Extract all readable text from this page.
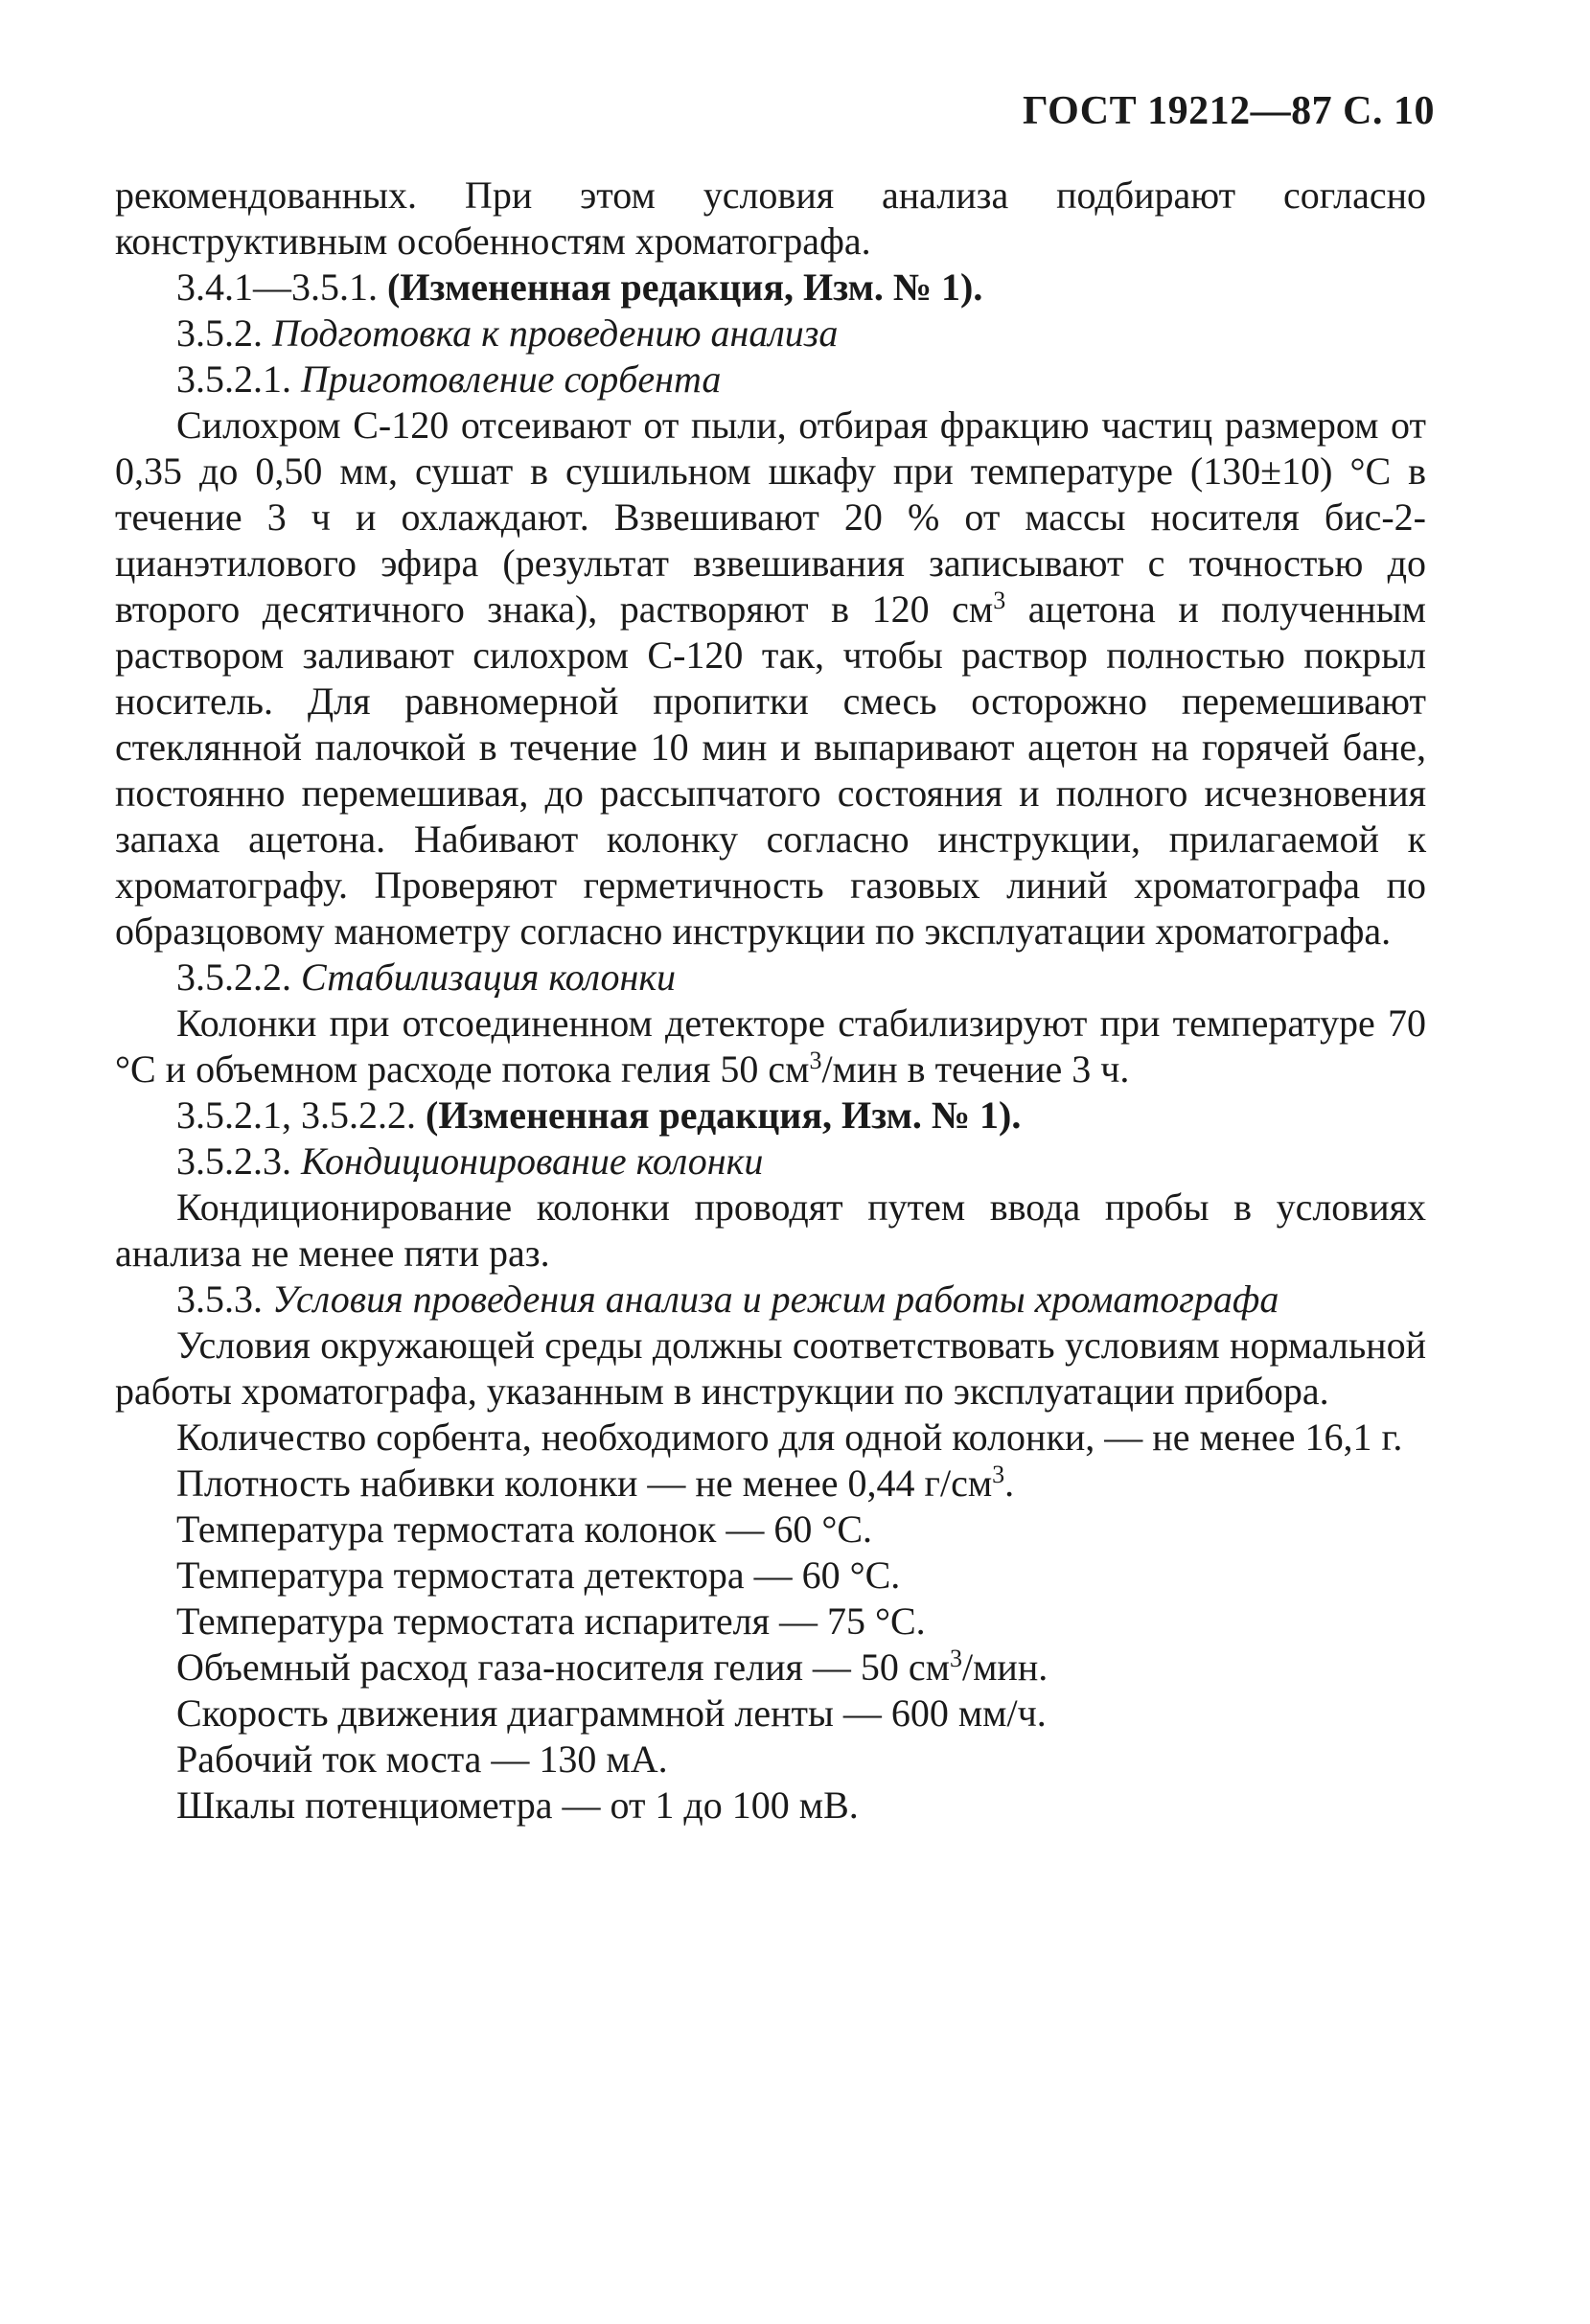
ГОСТ 19212—87 С. 10

рекомендованных. При этом условия анализа подбирают согласно конструктивным особенностям хроматографа.

3.4.1—3.5.1. (Измененная редакция, Изм. № 1).

3.5.2. Подготовка к проведению анализа

3.5.2.1. Приготовление сорбента

Силохром С-120 отсеивают от пыли, отбирая фракцию частиц размером от 0,35 до 0,50 мм, сушат в сушильном шкафу при температуре (130±10) °С в течение 3 ч и охлаждают. Взвешивают 20 % от массы носителя бис-2-цианэтилового эфира (результат взвешивания записывают с точностью до второго десятичного знака), растворяют в 120 $см^3$ ацетона и полученным раствором заливают силохром С-120 так, чтобы раствор полностью покрыл носитель. Для равномерной пропитки смесь осторожно перемешивают стеклянной палочкой в течение 10 мин и выпаривают ацетон на горячей бане, постоянно перемешивая, до рассыпчатого состояния и полного исчезновения запаха ацетона. Набивают колонку согласно инструкции, прилагаемой к хроматографу. Проверяют герметичность газовых линий хроматографа по образцовому манометру согласно инструкции по эксплуатации хроматографа.

3.5.2.2. Стабилизация колонки

Колонки при отсоединенном детекторе стабилизируют при температуре 70 °С и объемном расходе потока гелия 50 $см^3$/мин в течение 3 ч.

3.5.2.1, 3.5.2.2. (Измененная редакция, Изм. № 1).

3.5.2.3. Кондиционирование колонки

Кондиционирование колонки проводят путем ввода пробы в условиях анализа не менее пяти раз.

3.5.3. Условия проведения анализа и режим работы хроматографа

Условия окружающей среды должны соответствовать условиям нормальной работы хроматографа, указанным в инструкции по эксплуатации прибора.

Количество сорбента, необходимого для одной колонки, — не менее 16,1 г.

Плотность набивки колонки — не менее 0,44 $г/см^3$.

Температура термостата колонок — 60 °С.

Температура термостата детектора — 60 °С.

Температура термостата испарителя — 75 °С.

Объемный расход газа-носителя гелия — 50 $см^3$/мин.

Скорость движения диаграммной ленты — 600 мм/ч.

Рабочий ток моста — 130 мА.

Шкалы потенциометра — от 1 до 100 мВ.
